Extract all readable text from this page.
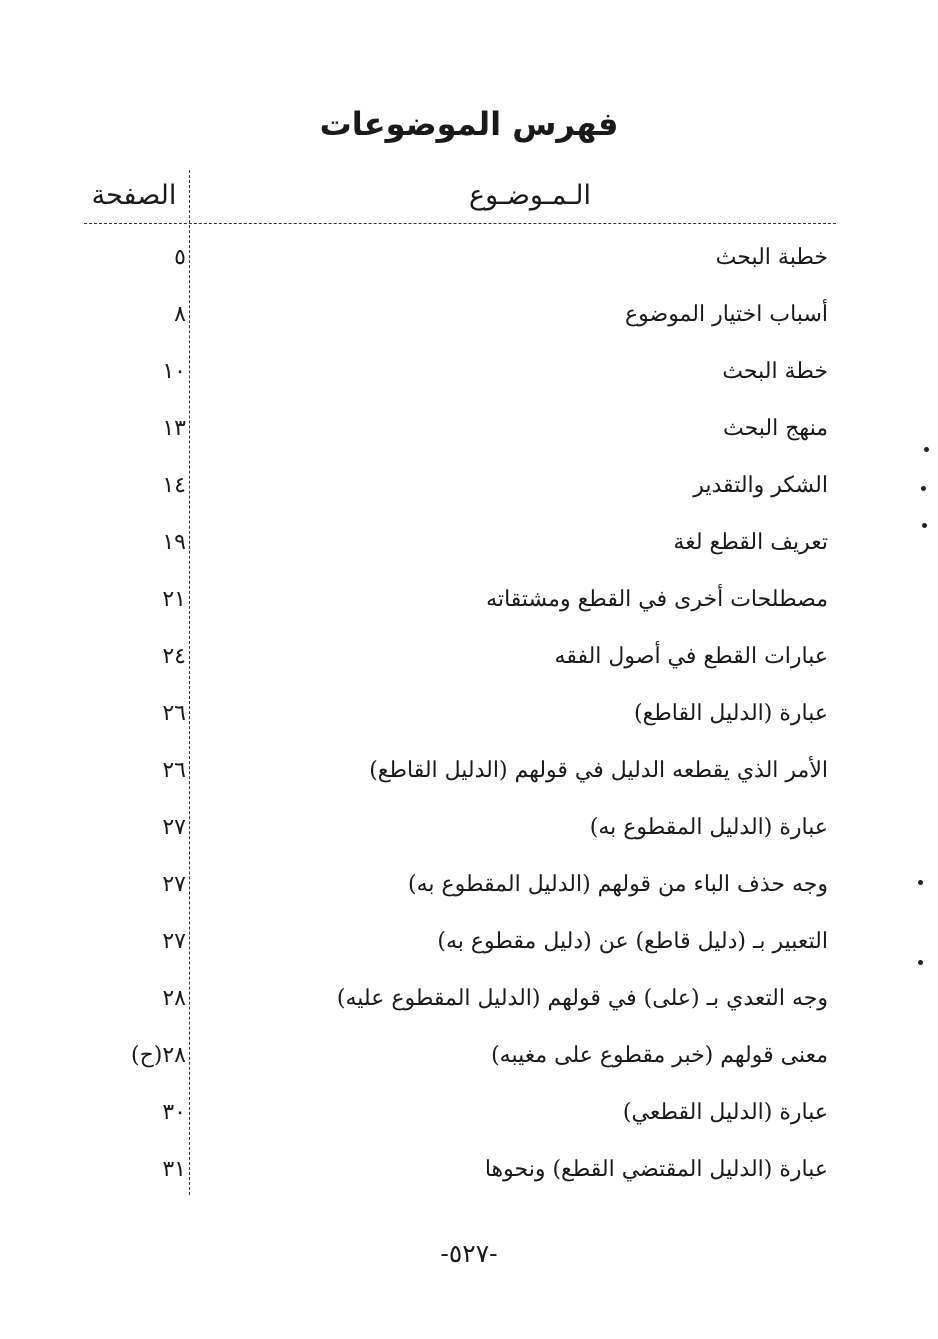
فهرس الموضوعات
الـمـوضـوع
الصفحة
خطبة البحث
٥
أسباب اختيار الموضوع
٨
خطة البحث
١٠
منهج البحث
١٣
الشكر والتقدير
١٤
تعريف القطع لغة
١٩
مصطلحات أخرى في القطع ومشتقاته
٢١
عبارات القطع في أصول الفقه
٢٤
عبارة (الدليل القاطع)
٢٦
الأمر الذي يقطعه الدليل في قولهم (الدليل القاطع)
٢٦
عبارة (الدليل المقطوع به)
٢٧
وجه حذف الباء من قولهم (الدليل المقطوع به)
٢٧
التعبير بـ (دليل قاطع) عن (دليل مقطوع به)
٢٧
وجه التعدي بـ (على) في قولهم (الدليل المقطوع عليه)
٢٨
معنى قولهم (خبر مقطوع على مغيبه)
٢٨(ح)
عبارة (الدليل القطعي)
٣٠
عبارة (الدليل المقتضي القطع) ونحوها
٣١
-٥٢٧-
